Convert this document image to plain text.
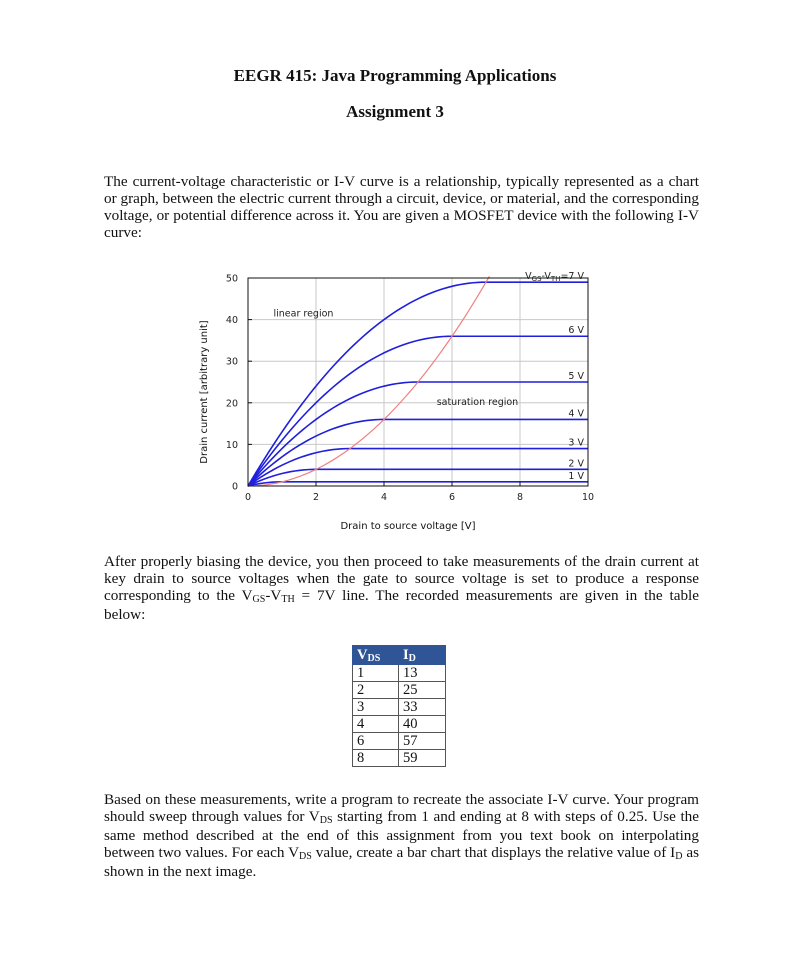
EEGR 415: Java Programming Applications
Assignment 3
The current-voltage characteristic or I-V curve is a relationship, typically represented as a chart or graph, between the electric current through a circuit, device, or material, and the corresponding voltage, or potential difference across it. You are given a MOSFET device with the following I-V curve:
1 V
2 V
3 V
4 V
5 V
6 V
$V_{GS}-V_{TH}=7$ V
0	2	4	6	8	10
0
10
20
30
40
50
Drain to source voltage [V]
Drain current [arbitrary unit]
linear region
saturation region
After properly biasing the device, you then proceed to take measurements of the drain current at key drain to source voltages when the gate to source voltage is set to produce a response corresponding to the $V_{GS}-V_{TH} = 7V$ line. The recorded measurements are given in the table below:
$V_{DS}$	$I_D$
1	13
2	25
3	33
4	40
6	57
8	59
Based on these measurements, write a program to recreate the associate I-V curve. Your program should sweep through values for $V_{DS}$ starting from 1 and ending at 8 with steps of 0.25. Use the same method described at the end of this assignment from you text book on interpolating between two values. For each $V_{DS}$ value, create a bar chart that displays the relative value of $I_D$ as shown in the next image.
